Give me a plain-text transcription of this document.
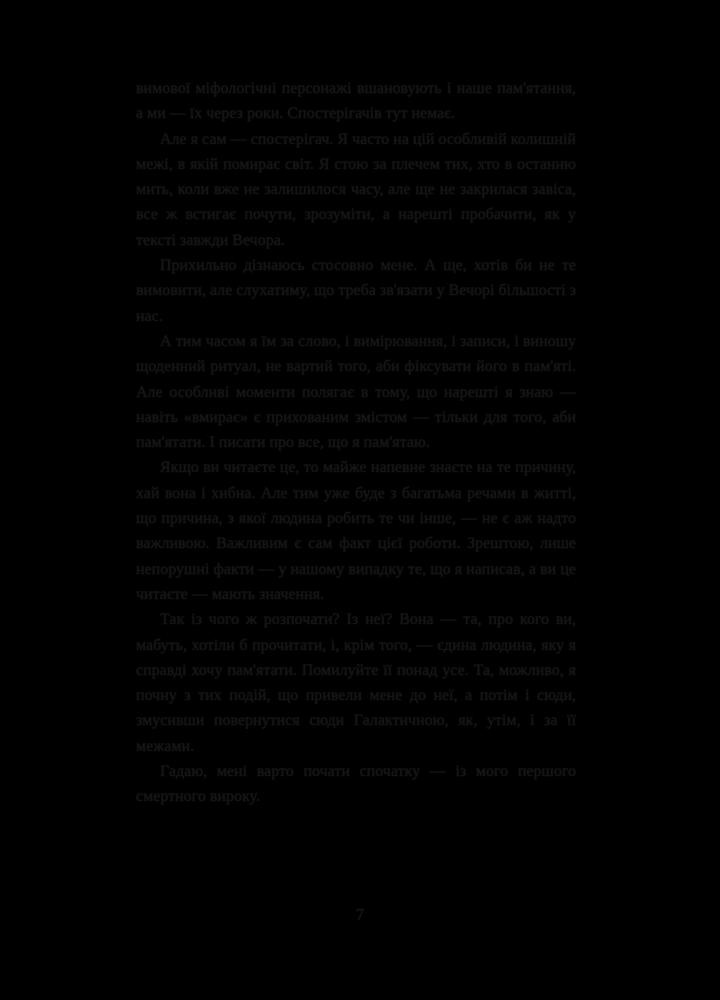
вимової міфологічні персонажі вшановують і наше пам'ятання, а ми — їх через роки. Спостерігачів тут немає.

Але я сам — спостерігач. Я часто на цій особливій колишній межі, в якій помирає світ. Я стою за плечем тих, хто в останню мить, коли вже не залишилося часу, але ще не закрилася завіса, все ж встигає почути, зрозуміти, а нарешті пробачити, як у тексті завжди Вечора.

Прихильно дізнаюсь стосовно мене. А ще, хотів би не те вимовити, але слухатиму, що треба зв'язати у Вечорі більшості з нас.

А тим часом я їм за слово, і вимірювання, і записи, і виношу щоденний ритуал, не вартий того, аби фіксувати його в пам'яті. Але особливі моменти полягає в тому, що нарешті я знаю — навіть «вмирає» є прихованим змістом — тільки для того, аби пам'ятати. І писати про все, що я пам'ятаю.

Якщо ви читаєте це, то майже напевне знаєте на те причину, хай вона і хибна. Але тим уже буде з багатьма речами в житті, що причина, з якої людина робить те чи інше, — не є аж надто важливою. Важливим є сам факт цієї роботи. Зрештою, лише непорушні факти — у нашому випадку те, що я написав, а ви це читаєте — мають значення.

Так із чого ж розпочати? Із неї? Вона — та, про кого ви, мабуть, хотіли б прочитати, і, крім того, — єдина людина, яку я справді хочу пам'ятати. Помилуйте її понад усе. Та, можливо, я почну з тих подій, що привели мене до неї, а потім і сюди, змусивши повернутися сюди Галактичною, як, утім, і за її межами.

Гадаю, мені варто почати спочатку — із мого першого смертного вироку.

7
